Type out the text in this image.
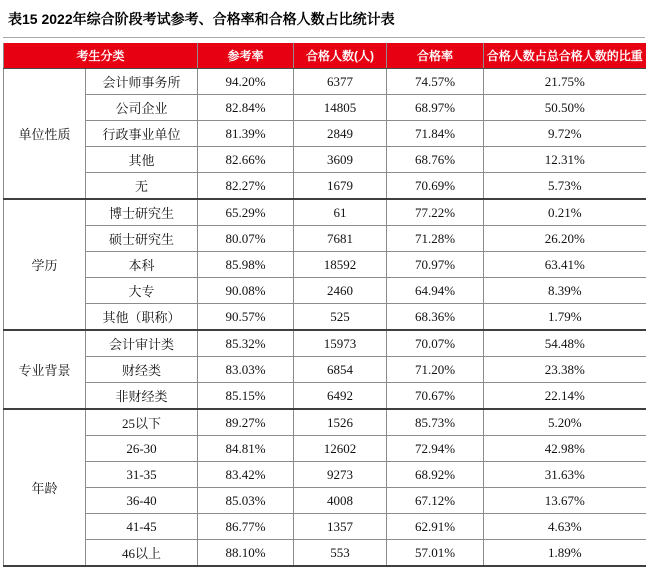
表15 2022年综合阶段考试参考、合格率和合格人数占比统计表
考生分类		参考率	合格人数(人)	合格率	合格人数占总合格人数的比重
单位性质	会计师事务所	94.20%	6377	74.57%	21.75%
	公司企业	82.84%	14805	68.97%	50.50%
	行政事业单位	81.39%	2849	71.84%	9.72%
	其他	82.66%	3609	68.76%	12.31%
	无	82.27%	1679	70.69%	5.73%
学历	博士研究生	65.29%	61	77.22%	0.21%
	硕士研究生	80.07%	7681	71.28%	26.20%
	本科	85.98%	18592	70.97%	63.41%
	大专	90.08%	2460	64.94%	8.39%
	其他（职称）	90.57%	525	68.36%	1.79%
专业背景	会计审计类	85.32%	15973	70.07%	54.48%
	财经类	83.03%	6854	71.20%	23.38%
	非财经类	85.15%	6492	70.67%	22.14%
年龄	25以下	89.27%	1526	85.73%	5.20%
	26-30	84.81%	12602	72.94%	42.98%
	31-35	83.42%	9273	68.92%	31.63%
	36-40	85.03%	4008	67.12%	13.67%
	41-45	86.77%	1357	62.91%	4.63%
	46以上	88.10%	553	57.01%	1.89%
